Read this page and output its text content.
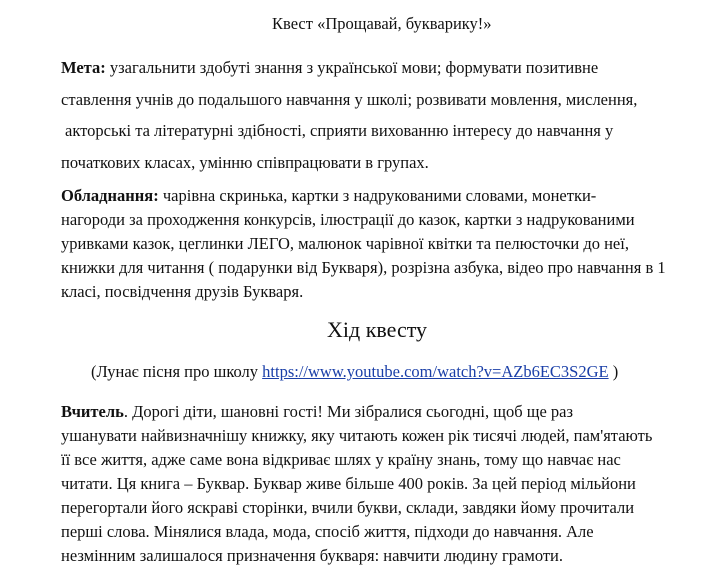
Квест «Прощавай, букварику!»
Мета: узагальнити здобуті знання з української мови; формувати позитивне
ставлення учнів до подальшого навчання у школі; розвивати мовлення, мислення,
акторські та літературні здібності, сприяти вихованню інтересу до навчання у
початкових класах, умінню співпрацювати в групах.
Обладнання: чарівна скринька, картки з надрукованими словами, монетки-
нагороди за проходження конкурсів, ілюстрації до казок, картки з надрукованими
уривками казок, цеглинки ЛЕГО, малюнок чарівної квітки та пелюсточки до неї,
книжки для читання ( подарунки від Букваря), розрізна азбука, відео про навчання в 1
класі, посвідчення друзів Букваря.
Хід квесту
(Лунає пісня про школу https://www.youtube.com/watch?v=AZb6EC3S2GE )
Вчитель. Дорогі діти, шановні гості! Ми зібралися сьогодні, щоб ще раз
ушанувати найвизначнішу книжку, яку читають кожен рік тисячі людей, пам'ятають
її все життя, адже саме вона відкриває шлях у країну знань, тому що навчає нас
читати. Ця книга – Буквар. Буквар живе більше 400 років. За цей період мільйони
перегортали його яскраві сторінки, вчили букви, склади, завдяки йому прочитали
перші слова. Мінялися влада, мода, спосіб життя, підходи до навчання. Але
незмінним залишалося призначення букваря: навчити людину грамоти.
